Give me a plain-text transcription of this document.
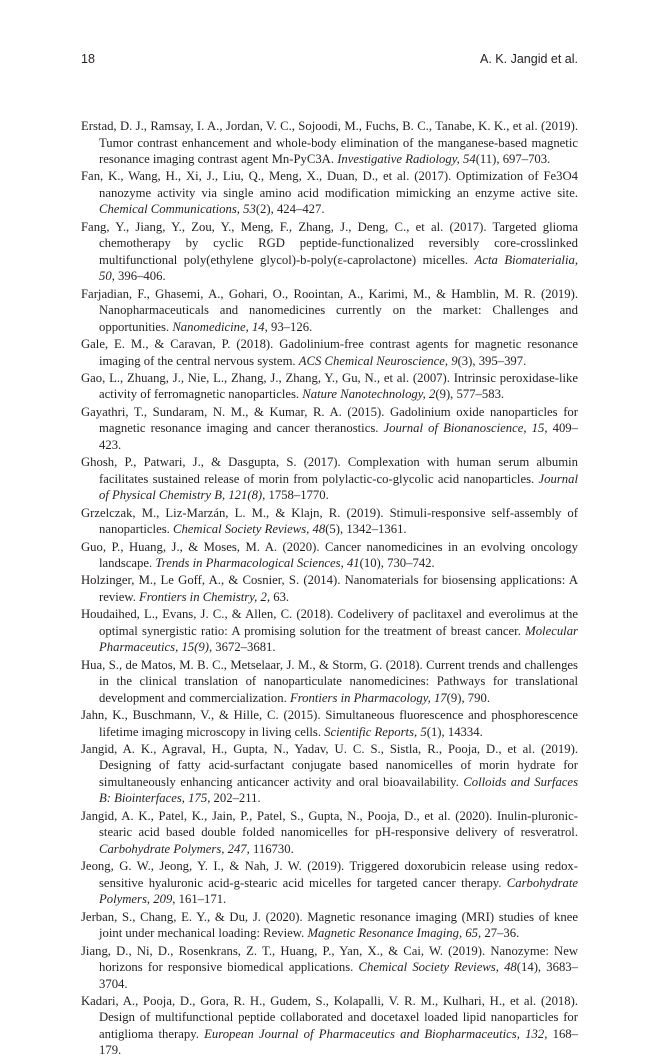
18	A. K. Jangid et al.

Erstad, D. J., Ramsay, I. A., Jordan, V. C., Sojoodi, M., Fuchs, B. C., Tanabe, K. K., et al. (2019). Tumor contrast enhancement and whole-body elimination of the manganese-based magnetic resonance imaging contrast agent Mn-PyC3A. Investigative Radiology, 54(11), 697–703.

Fan, K., Wang, H., Xi, J., Liu, Q., Meng, X., Duan, D., et al. (2017). Optimization of Fe3O4 nanozyme activity via single amino acid modification mimicking an enzyme active site. Chemical Communications, 53(2), 424–427.

Fang, Y., Jiang, Y., Zou, Y., Meng, F., Zhang, J., Deng, C., et al. (2017). Targeted glioma chemotherapy by cyclic RGD peptide-functionalized reversibly core-crosslinked multifunctional poly(ethylene glycol)-b-poly(ε-caprolactone) micelles. Acta Biomaterialia, 50, 396–406.

Farjadian, F., Ghasemi, A., Gohari, O., Roointan, A., Karimi, M., & Hamblin, M. R. (2019). Nanopharmaceuticals and nanomedicines currently on the market: Challenges and opportunities. Nanomedicine, 14, 93–126.

Gale, E. M., & Caravan, P. (2018). Gadolinium-free contrast agents for magnetic resonance imaging of the central nervous system. ACS Chemical Neuroscience, 9(3), 395–397.

Gao, L., Zhuang, J., Nie, L., Zhang, J., Zhang, Y., Gu, N., et al. (2007). Intrinsic peroxidase-like activity of ferromagnetic nanoparticles. Nature Nanotechnology, 2(9), 577–583.

Gayathri, T., Sundaram, N. M., & Kumar, R. A. (2015). Gadolinium oxide nanoparticles for magnetic resonance imaging and cancer theranostics. Journal of Bionanoscience, 15, 409–423.

Ghosh, P., Patwari, J., & Dasgupta, S. (2017). Complexation with human serum albumin facilitates sustained release of morin from polylactic-co-glycolic acid nanoparticles. Journal of Physical Chemistry B, 121(8), 1758–1770.

Grzelczak, M., Liz-Marzán, L. M., & Klajn, R. (2019). Stimuli-responsive self-assembly of nanoparticles. Chemical Society Reviews, 48(5), 1342–1361.

Guo, P., Huang, J., & Moses, M. A. (2020). Cancer nanomedicines in an evolving oncology landscape. Trends in Pharmacological Sciences, 41(10), 730–742.

Holzinger, M., Le Goff, A., & Cosnier, S. (2014). Nanomaterials for biosensing applications: A review. Frontiers in Chemistry, 2, 63.

Houdaihed, L., Evans, J. C., & Allen, C. (2018). Codelivery of paclitaxel and everolimus at the optimal synergistic ratio: A promising solution for the treatment of breast cancer. Molecular Pharmaceutics, 15(9), 3672–3681.

Hua, S., de Matos, M. B. C., Metselaar, J. M., & Storm, G. (2018). Current trends and challenges in the clinical translation of nanoparticulate nanomedicines: Pathways for translational development and commercialization. Frontiers in Pharmacology, 17(9), 790.

Jahn, K., Buschmann, V., & Hille, C. (2015). Simultaneous fluorescence and phosphorescence lifetime imaging microscopy in living cells. Scientific Reports, 5(1), 14334.

Jangid, A. K., Agraval, H., Gupta, N., Yadav, U. C. S., Sistla, R., Pooja, D., et al. (2019). Designing of fatty acid-surfactant conjugate based nanomicelles of morin hydrate for simultaneously enhancing anticancer activity and oral bioavailability. Colloids and Surfaces B: Biointerfaces, 175, 202–211.

Jangid, A. K., Patel, K., Jain, P., Patel, S., Gupta, N., Pooja, D., et al. (2020). Inulin-pluronic-stearic acid based double folded nanomicelles for pH-responsive delivery of resveratrol. Carbohydrate Polymers, 247, 116730.

Jeong, G. W., Jeong, Y. I., & Nah, J. W. (2019). Triggered doxorubicin release using redox-sensitive hyaluronic acid-g-stearic acid micelles for targeted cancer therapy. Carbohydrate Polymers, 209, 161–171.

Jerban, S., Chang, E. Y., & Du, J. (2020). Magnetic resonance imaging (MRI) studies of knee joint under mechanical loading: Review. Magnetic Resonance Imaging, 65, 27–36.

Jiang, D., Ni, D., Rosenkrans, Z. T., Huang, P., Yan, X., & Cai, W. (2019). Nanozyme: New horizons for responsive biomedical applications. Chemical Society Reviews, 48(14), 3683–3704.

Kadari, A., Pooja, D., Gora, R. H., Gudem, S., Kolapalli, V. R. M., Kulhari, H., et al. (2018). Design of multifunctional peptide collaborated and docetaxel loaded lipid nanoparticles for antiglioma therapy. European Journal of Pharmaceutics and Biopharmaceutics, 132, 168–179.
